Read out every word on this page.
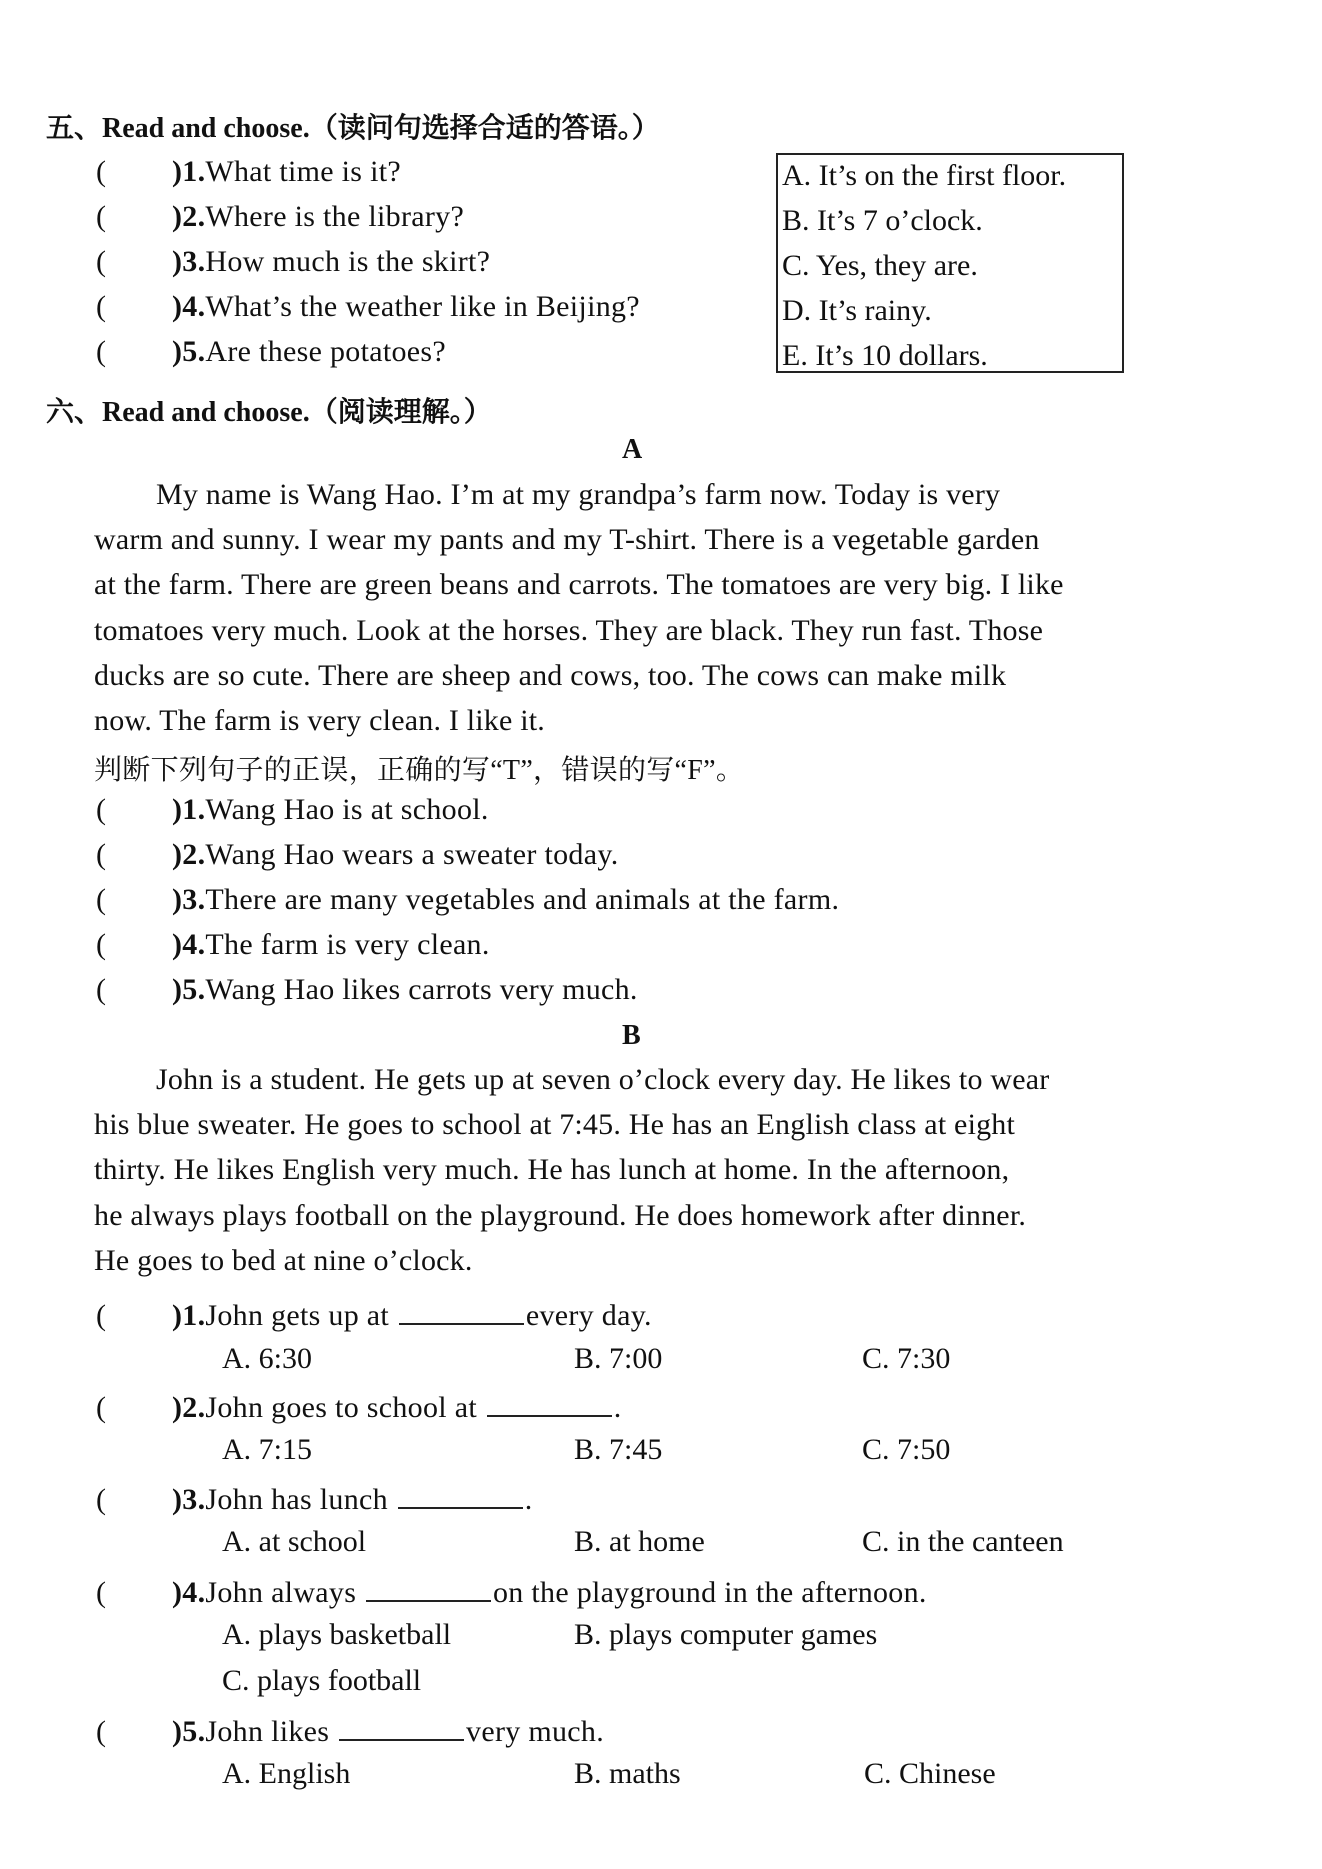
五、Read and choose.（读问句选择合适的答语。）
( )1.What time is it?
( )2.Where is the library?
( )3.How much is the skirt?
( )4.What’s the weather like in Beijing?
( )5.Are these potatoes?
A. It’s on the first floor.
B. It’s 7 o’clock.
C. Yes, they are.
D. It’s rainy.
E. It’s 10 dollars.
六、Read and choose.（阅读理解。）
A

My name is Wang Hao. I’m at my grandpa’s farm now. Today is very

warm and sunny. I wear my pants and my T-shirt. There is a vegetable garden

at the farm. There are green beans and carrots. The tomatoes are very big. I like

tomatoes very much. Look at the horses. They are black. They run fast. Those

ducks are so cute. There are sheep and cows, too. The cows can make milk

now. The farm is very clean. I like it.

判断下列句子的正误，正确的写“T”，错误的写“F”。
( )1.Wang Hao is at school.
( )2.Wang Hao wears a sweater today.
( )3.There are many vegetables and animals at the farm.
( )4.The farm is very clean.
( )5.Wang Hao likes carrots very much.
B

John is a student. He gets up at seven o’clock every day. He likes to wear

his blue sweater. He goes to school at 7:45. He has an English class at eight

thirty. He likes English very much. He has lunch at home. In the afternoon,

he always plays football on the playground. He does homework after dinner.

He goes to bed at nine o’clock.

( )1.John gets up at	every day.
A. 6:30	B. 7:00	C. 7:30
( )2.John goes to school at	.
A. 7:15	B. 7:45	C. 7:50
( )3.John has lunch	.
A. at school	B. at home	C. in the canteen
( )4.John always	on the playground in the afternoon.
A. plays basketball	B. plays computer games
C. plays football
( )5.John likes	very much.
A. English	B. maths	C. Chinese
